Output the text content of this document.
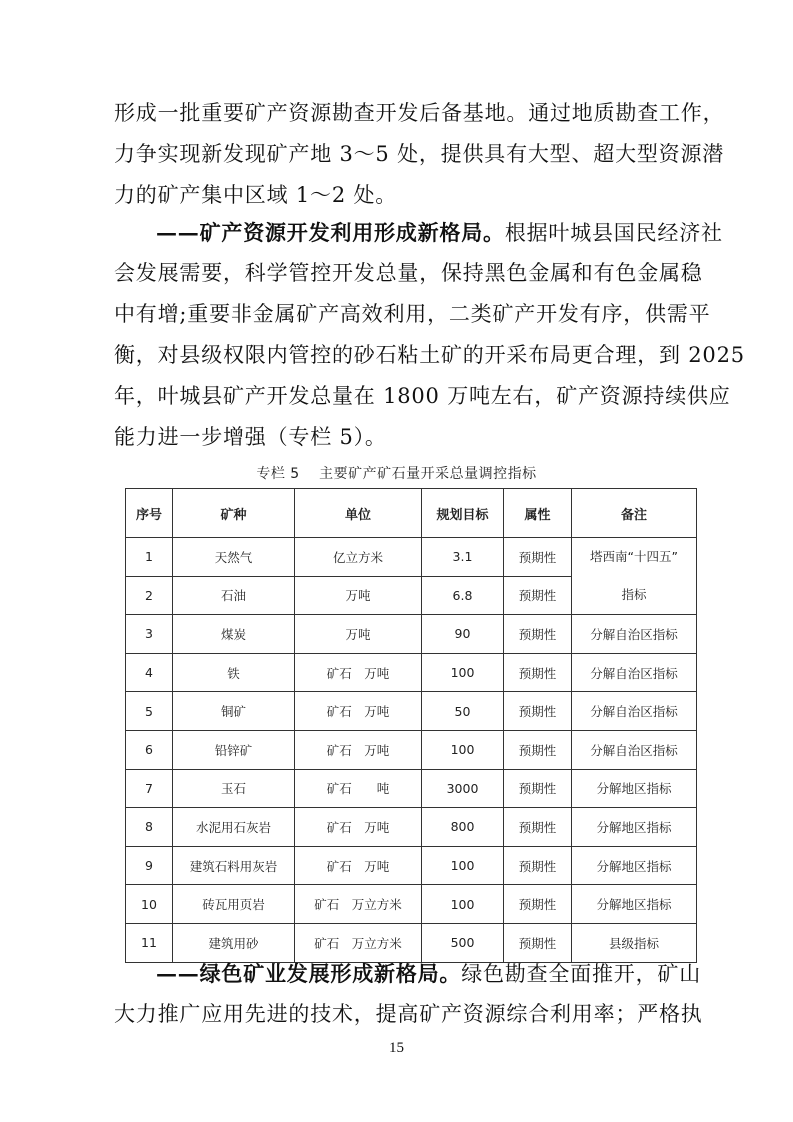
形成一批重要矿产资源勘查开发后备基地。通过地质勘查工作，
力争实现新发现矿产地 3～5 处，提供具有大型、超大型资源潜
力的矿产集中区域 1～2 处。
——矿产资源开发利用形成新格局。根据叶城县国民经济社
会发展需要，科学管控开发总量，保持黑色金属和有色金属稳
中有增;重要非金属矿产高效利用，二类矿产开发有序，供需平
衡，对县级权限内管控的砂石粘土矿的开采布局更合理，到 2025
年，叶城县矿产开发总量在 1800 万吨左右，矿产资源持续供应
能力进一步增强（专栏 5）。
专栏 5　 主要矿产矿石量开采总量调控指标
序号	矿种	单位	规划目标	属性	备注
1	天然气	亿立方米	3.1	预期性	塔西南“十四五”
指标

2	石油	万吨	6.8	预期性	
3	煤炭	万吨	90	预期性	分解自治区指标
4	铁	矿石　万吨	100	预期性	分解自治区指标
5	铜矿	矿石　万吨	50	预期性	分解自治区指标
6	铅锌矿	矿石　万吨	100	预期性	分解自治区指标
7	玉石	矿石　　吨	3000	预期性	分解地区指标
8	水泥用石灰岩	矿石　万吨	800	预期性	分解地区指标
9	建筑石料用灰岩	矿石　万吨	100	预期性	分解地区指标
10	砖瓦用页岩	矿石　万立方米	100	预期性	分解地区指标
11	建筑用砂	矿石　万立方米	500	预期性	县级指标
——绿色矿业发展形成新格局。绿色勘查全面推开，矿山
大力推广应用先进的技术，提高矿产资源综合利用率；严格执
15
